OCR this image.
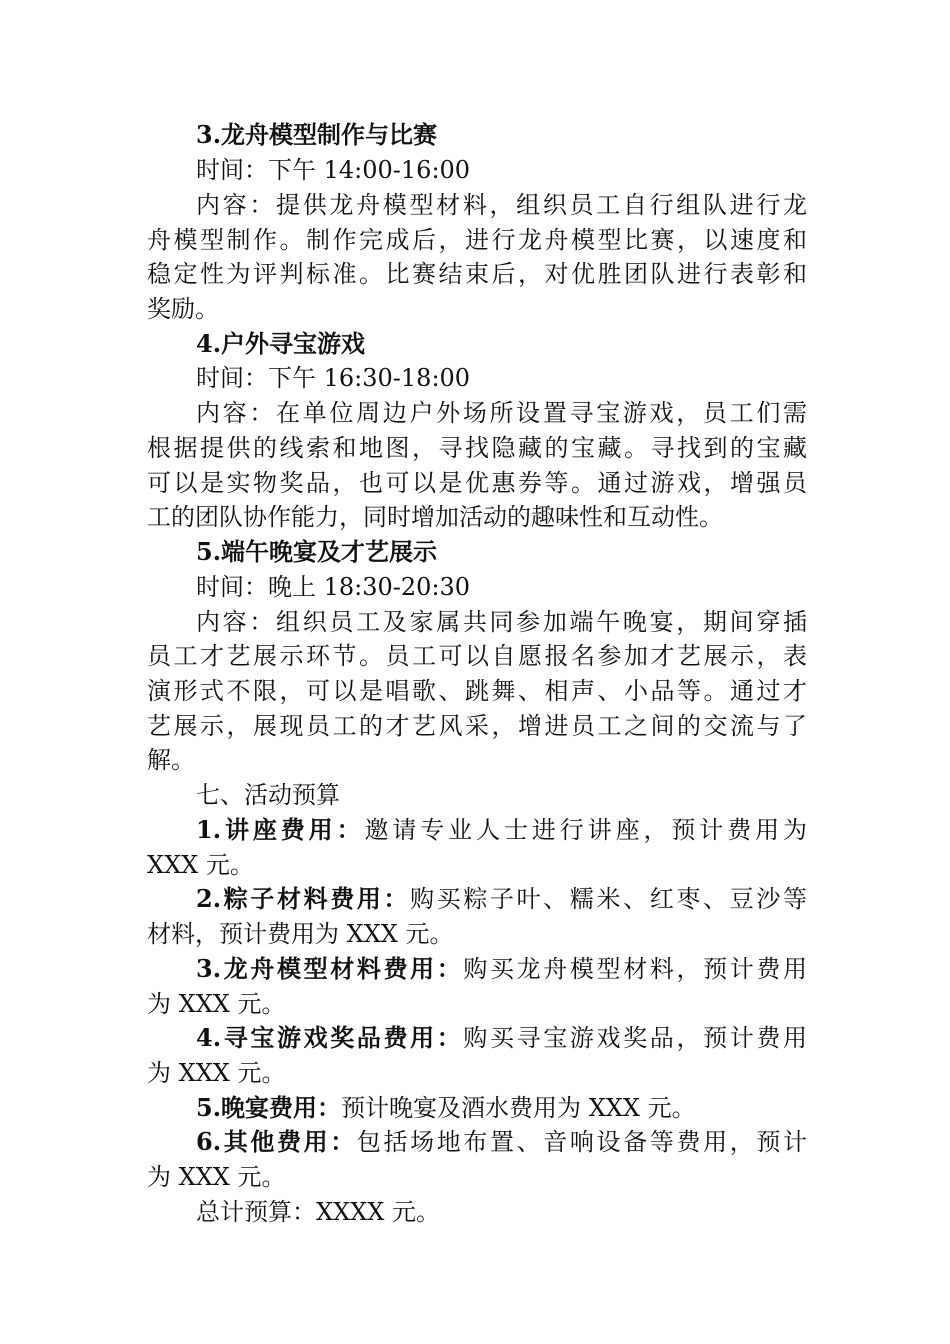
3.龙舟模型制作与比赛
时间：下午 14:00-16:00
内容：提供龙舟模型材料，组织员工自行组队进行龙
舟模型制作。制作完成后，进行龙舟模型比赛，以速度和
稳定性为评判标准。比赛结束后，对优胜团队进行表彰和
奖励。
4.户外寻宝游戏
时间：下午 16:30-18:00
内容：在单位周边户外场所设置寻宝游戏，员工们需
根据提供的线索和地图，寻找隐藏的宝藏。寻找到的宝藏
可以是实物奖品，也可以是优惠券等。通过游戏，增强员
工的团队协作能力，同时增加活动的趣味性和互动性。
5.端午晚宴及才艺展示
时间：晚上 18:30-20:30
内容：组织员工及家属共同参加端午晚宴，期间穿插
员工才艺展示环节。员工可以自愿报名参加才艺展示，表
演形式不限，可以是唱歌、跳舞、相声、小品等。通过才
艺展示，展现员工的才艺风采，增进员工之间的交流与了
解。
七、活动预算
1.讲座费用：邀请专业人士进行讲座，预计费用为
XXX 元。
2.粽子材料费用：购买粽子叶、糯米、红枣、豆沙等
材料，预计费用为 XXX 元。
3.龙舟模型材料费用：购买龙舟模型材料，预计费用
为 XXX 元。
4.寻宝游戏奖品费用：购买寻宝游戏奖品，预计费用
为 XXX 元。
5.晚宴费用：预计晚宴及酒水费用为 XXX 元。
6.其他费用：包括场地布置、音响设备等费用，预计
为 XXX 元。
总计预算：XXXX 元。
